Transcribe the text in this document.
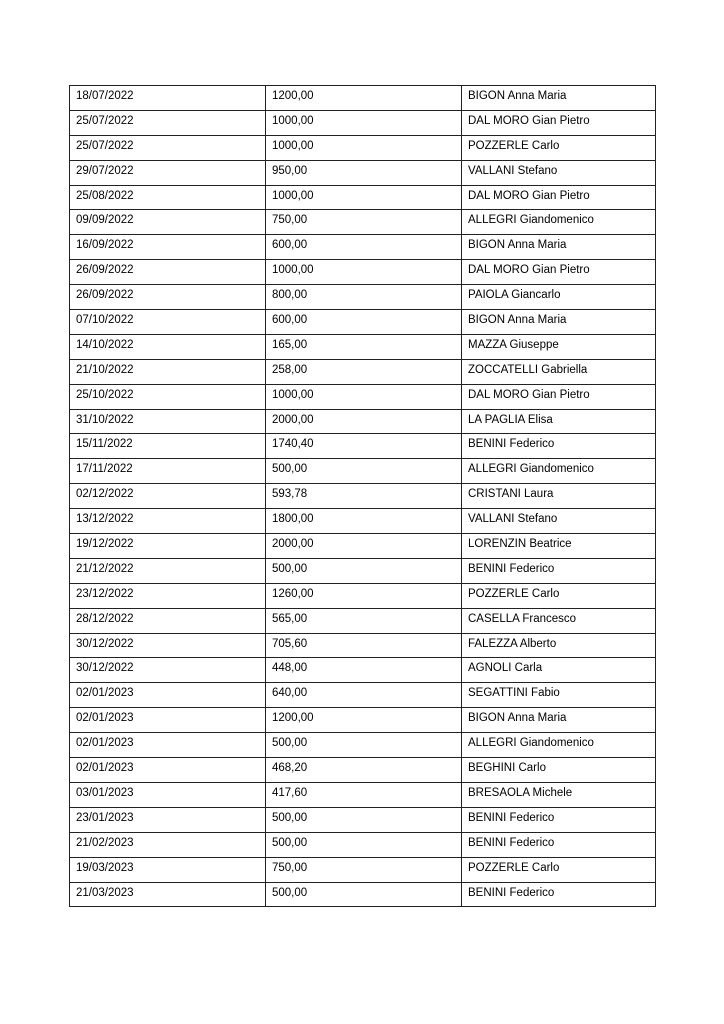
18/07/2022	1200,00	BIGON Anna Maria
25/07/2022	1000,00	DAL MORO Gian Pietro
25/07/2022	1000,00	POZZERLE Carlo
29/07/2022	950,00	VALLANI Stefano
25/08/2022	1000,00	DAL MORO Gian Pietro
09/09/2022	750,00	ALLEGRI Giandomenico
16/09/2022	600,00	BIGON Anna Maria
26/09/2022	1000,00	DAL MORO Gian Pietro
26/09/2022	800,00	PAIOLA Giancarlo
07/10/2022	600,00	BIGON Anna Maria
14/10/2022	165,00	MAZZA Giuseppe
21/10/2022	258,00	ZOCCATELLI Gabriella
25/10/2022	1000,00	DAL MORO Gian Pietro
31/10/2022	2000,00	LA PAGLIA Elisa
15/11/2022	1740,40	BENINI Federico
17/11/2022	500,00	ALLEGRI Giandomenico
02/12/2022	593,78	CRISTANI Laura
13/12/2022	1800,00	VALLANI Stefano
19/12/2022	2000,00	LORENZIN Beatrice
21/12/2022	500,00	BENINI Federico
23/12/2022	1260,00	POZZERLE Carlo
28/12/2022	565,00	CASELLA Francesco
30/12/2022	705,60	FALEZZA Alberto
30/12/2022	448,00	AGNOLI Carla
02/01/2023	640,00	SEGATTINI Fabio
02/01/2023	1200,00	BIGON Anna Maria
02/01/2023	500,00	ALLEGRI Giandomenico
02/01/2023	468,20	BEGHINI Carlo
03/01/2023	417,60	BRESAOLA Michele
23/01/2023	500,00	BENINI Federico
21/02/2023	500,00	BENINI Federico
19/03/2023	750,00	POZZERLE Carlo
21/03/2023	500,00	BENINI Federico
